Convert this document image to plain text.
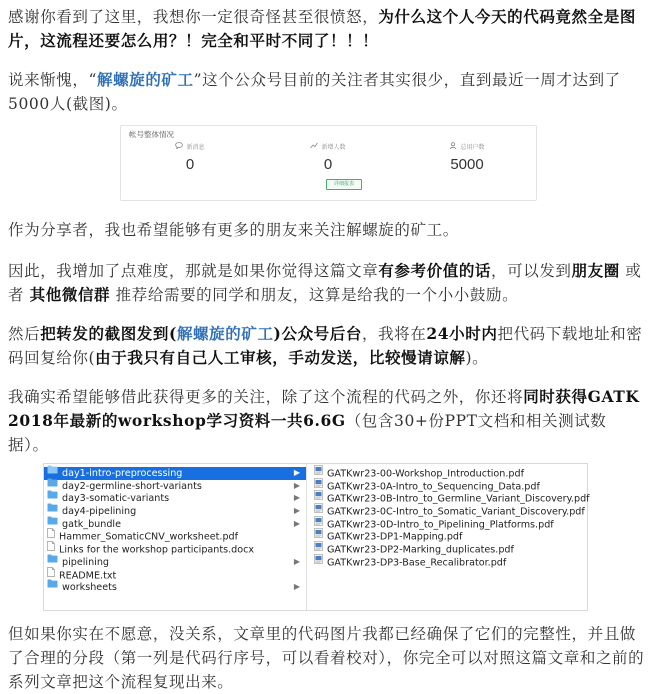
感谢你看到了这里，我想你一定很奇怪甚至很愤怒，为什么这个人今天的代码竟然全是图片，这流程还要怎么用？！完全和平时不同了！！！

说来惭愧，“解螺旋的矿工”这个公众号目前的关注者其实很少，直到最近一周才达到了5000人(截图)。

帐号整体情况
新消息
0
新增人数
0
总用户数
5000
详细报表

作为分享者，我也希望能够有更多的朋友来关注解螺旋的矿工。

因此，我增加了点难度，那就是如果你觉得这篇文章有参考价值的话，可以发到朋友圈 或者 其他微信群 推荐给需要的同学和朋友，这算是给我的一个小小鼓励。

然后把转发的截图发到(解螺旋的矿工)公众号后台，我将在24小时内把代码下载地址和密码回复给你(由于我只有自己人工审核，手动发送，比较慢请谅解)。

我确实希望能够借此获得更多的关注，除了这个流程的代码之外，你还将同时获得GATK 2018年最新的workshop学习资料一共6.6G（包含30+份PPT文档和相关测试数据）。

day1-intro-preprocessing	▶
day2-germline-short-variants	▶
day3-somatic-variants	▶
day4-pipelining	▶
gatk_bundle	▶
Hammer_SomaticCNV_worksheet.pdf
Links for the workshop participants.docx
pipelining	▶
README.txt
worksheets	▶
GATKwr23-00-Workshop_Introduction.pdf
GATKwr23-0A-Intro_to_Sequencing_Data.pdf
GATKwr23-0B-Intro_to_Germline_Variant_Discovery.pdf
GATKwr23-0C-Intro_to_Somatic_Variant_Discovery.pdf
GATKwr23-0D-Intro_to_Pipelining_Platforms.pdf
GATKwr23-DP1-Mapping.pdf
GATKwr23-DP2-Marking_duplicates.pdf
GATKwr23-DP3-Base_Recalibrator.pdf

但如果你实在不愿意，没关系，文章里的代码图片我都已经确保了它们的完整性，并且做了合理的分段（第一列是代码行序号，可以看着校对），你完全可以对照这篇文章和之前的系列文章把这个流程复现出来。
